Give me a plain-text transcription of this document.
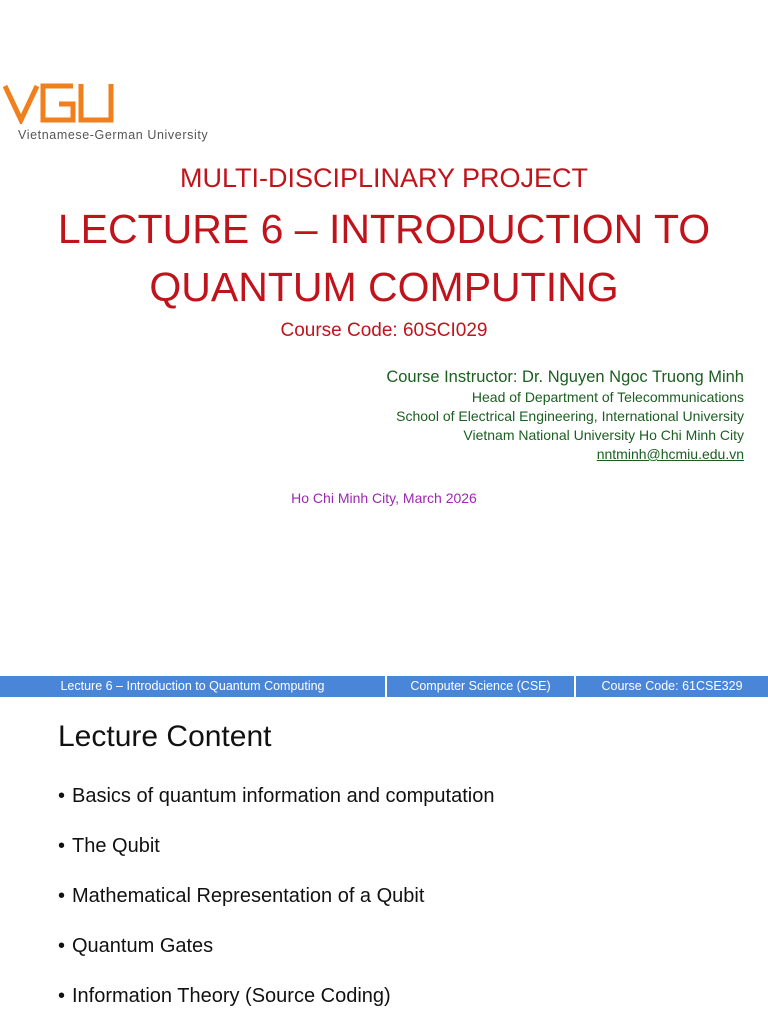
Vietnamese-German University
MULTI-DISCIPLINARY PROJECT
LECTURE 6 – INTRODUCTION TO
QUANTUM COMPUTING
Course Code: 60SCI029
Course Instructor: Dr. Nguyen Ngoc Truong Minh
Head of Department of Telecommunications
School of Electrical Engineering, International University
Vietnam National University Ho Chi Minh City
nntminh@hcmiu.edu.vn
Ho Chi Minh City, March 2026
Lecture 6 – Introduction to Quantum Computing	Computer Science (CSE)	Course Code: 61CSE329
Lecture Content
• Basics of quantum information and computation
• The Qubit
• Mathematical Representation of a Qubit
• Quantum Gates
• Information Theory (Source Coding)
